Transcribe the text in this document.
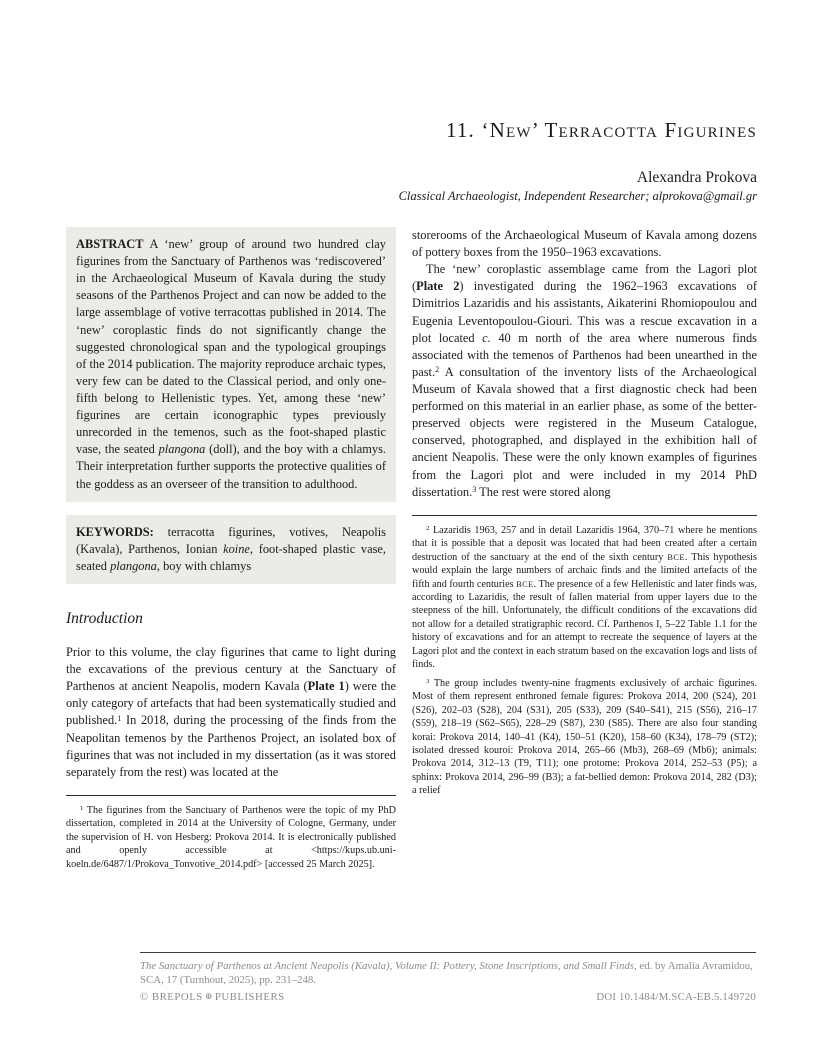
11. ‘New’ Terracotta Figurines

Alexandra Prokova

Classical Archaeologist, Independent Researcher; alprokova@gmail.gr

ABSTRACT A ‘new’ group of around two hundred clay figurines from the Sanctuary of Parthenos was ‘rediscovered’ in the Archaeological Museum of Kavala during the study seasons of the Parthenos Project and can now be added to the large assemblage of votive terracottas published in 2014. The ‘new’ coroplastic finds do not significantly change the suggested chronological span and the typological groupings of the 2014 publication. The majority reproduce archaic types, very few can be dated to the Classical period, and only one-fifth belong to Hellenistic types. Yet, among these ‘new’ figurines are certain iconographic types previously unrecorded in the temenos, such as the foot-shaped plastic vase, the seated plangona (doll), and the boy with a chlamys. Their interpretation further supports the protective qualities of the goddess as an overseer of the transition to adulthood.

KEYWORDS: terracotta figurines, votives, Neapolis (Kavala), Parthenos, Ionian koine, foot-shaped plastic vase, seated plangona, boy with chlamys

Introduction

Prior to this volume, the clay figurines that came to light during the excavations of the previous century at the Sanctuary of Parthenos at ancient Neapolis, modern Kavala (Plate 1) were the only category of artefacts that had been systematically studied and published.$^1$ In 2018, during the processing of the finds from the Neapolitan temenos by the Parthenos Project, an isolated box of figurines that was not included in my dissertation (as it was stored separately from the rest) was located at the

$^1$ The figurines from the Sanctuary of Parthenos were the topic of my PhD dissertation, completed in 2014 at the University of Cologne, Germany, under the supervision of H. von Hesberg: Prokova 2014. It is electronically published and openly accessible at <https://kups.ub.uni-koeln.de/6487/1/Prokova_Tonvotive_2014.pdf> [accessed 25 March 2025].

storerooms of the Archaeological Museum of Kavala among dozens of pottery boxes from the 1950–1963 excavations.

The ‘new’ coroplastic assemblage came from the Lagori plot (Plate 2) investigated during the 1962–1963 excavations of Dimitrios Lazaridis and his assistants, Aikaterini Rhomiopoulou and Eugenia Leventopoulou-Giouri. This was a rescue excavation in a plot located c. 40 m north of the area where numerous finds associated with the temenos of Parthenos had been unearthed in the past.$^2$ A consultation of the inventory lists of the Archaeological Museum of Kavala showed that a first diagnostic check had been performed on this material in an earlier phase, as some of the better-preserved objects were registered in the Museum Catalogue, conserved, photographed, and displayed in the exhibition hall of ancient Neapolis. These were the only known examples of figurines from the Lagori plot and were included in my 2014 PhD dissertation.$^3$ The rest were stored along

$^2$ Lazaridis 1963, 257 and in detail Lazaridis 1964, 370–71 where he mentions that it is possible that a deposit was located that had been created after a certain destruction of the sanctuary at the end of the sixth century BCE. This hypothesis would explain the large numbers of archaic finds and the limited artefacts of the fifth and fourth centuries BCE. The presence of a few Hellenistic and later finds was, according to Lazaridis, the result of fallen material from upper layers due to the steepness of the hill. Unfortunately, the difficult conditions of the excavations did not allow for a detailed stratigraphic record. Cf. Parthenos I, 5–22 Table 1.1 for the history of excavations and for an attempt to recreate the sequence of layers at the Lagori plot and the context in each stratum based on the excavation logs and lists of finds.

$^3$ The group includes twenty-nine fragments exclusively of archaic figurines. Most of them represent enthroned female figures: Prokova 2014, 200 (S24), 201 (S26), 202–03 (S28), 204 (S31), 205 (S33), 209 (S40–S41), 215 (S56), 216–17 (S59), 218–19 (S62–S65), 228–29 (S87), 230 (S85). There are also four standing korai: Prokova 2014, 140–41 (K4), 150–51 (K20), 158–60 (K34), 178–79 (ST2); isolated dressed kouroi: Prokova 2014, 265–66 (Mb3), 268–69 (Mb6); animals: Prokova 2014, 312–13 (T9, T11); one protome: Prokova 2014, 252–53 (P5); a sphinx: Prokova 2014, 296–99 (B3); a fat-bellied demon: Prokova 2014, 282 (D3); a relief

The Sanctuary of Parthenos at Ancient Neapolis (Kavala), Volume II: Pottery, Stone Inscriptions, and Small Finds, ed. by Amalia Avramidou, SCA, 17 (Turnhout, 2025), pp. 231–248.

© BREPOLS ⊕ PUBLISHERS	DOI 10.1484/M.SCA-EB.5.149720
